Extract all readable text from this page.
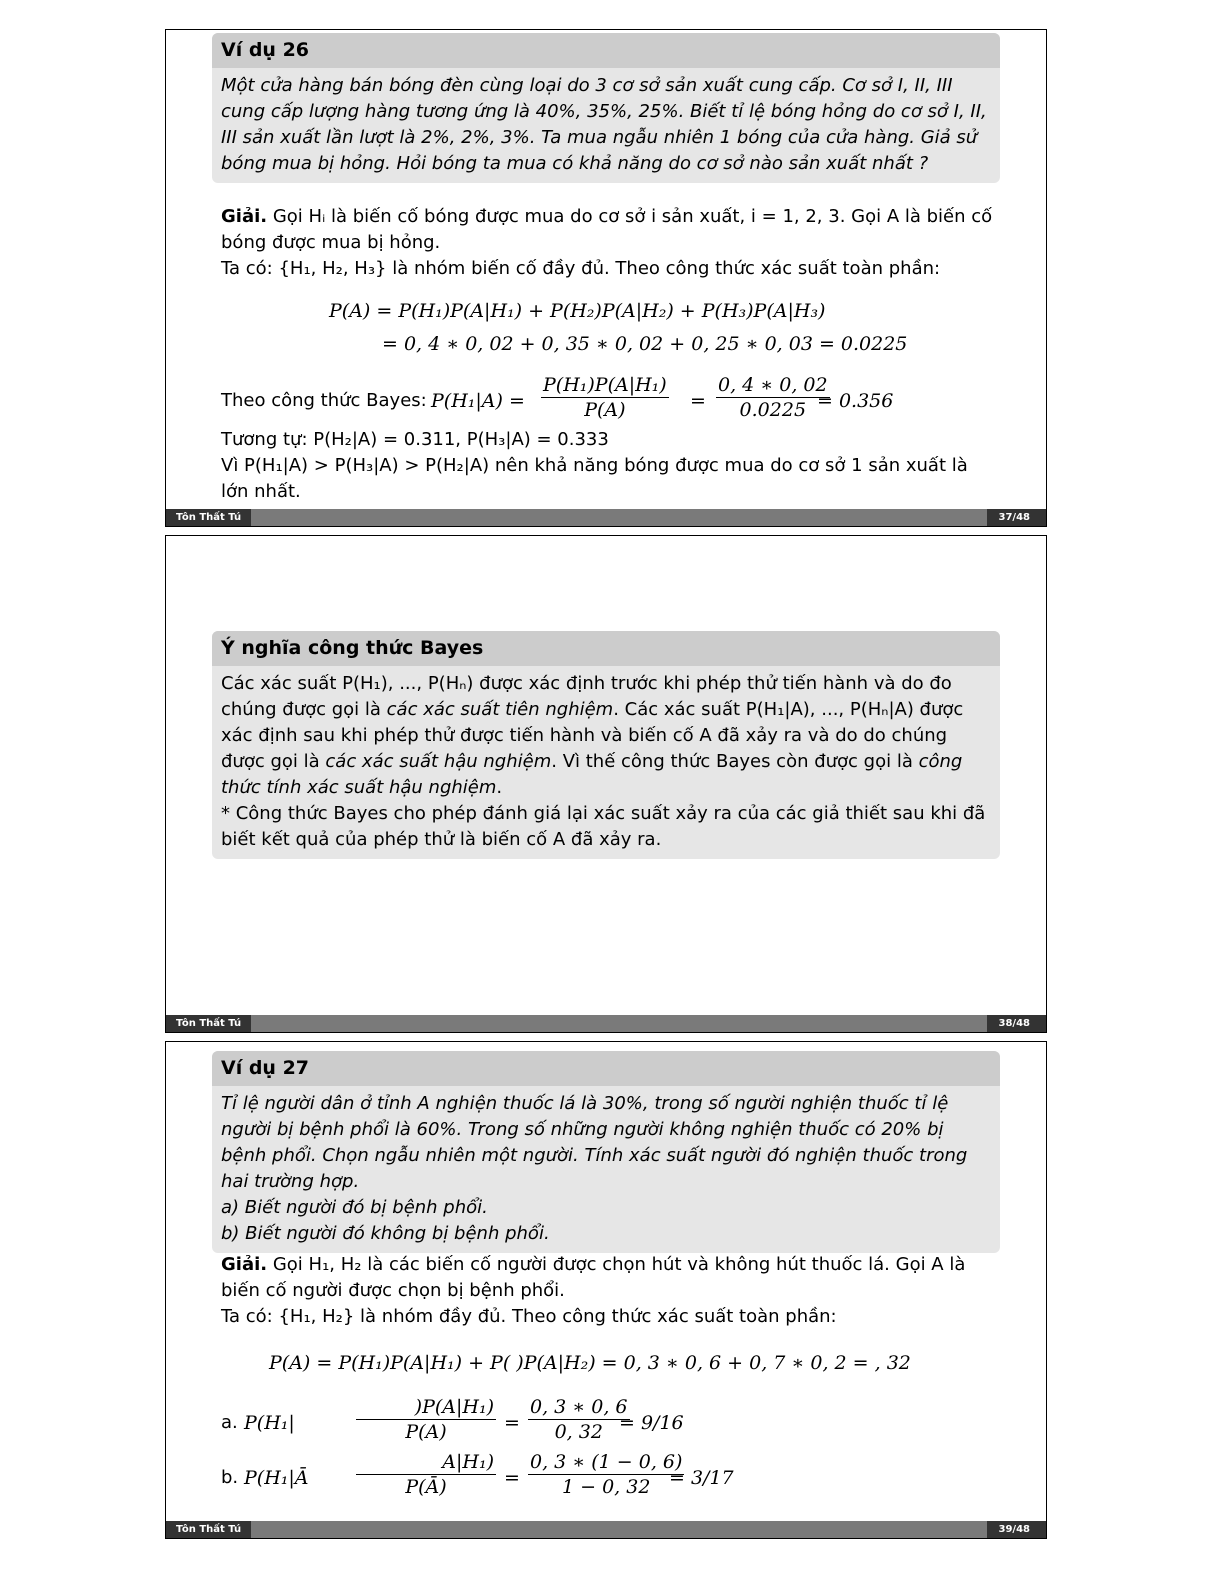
Ví dụ 26
Một cửa hàng bán bóng đèn cùng loại do 3 cơ sở sản xuất cung cấp. Cơ sở I, II, III cung cấp lượng hàng tương ứng là 40%, 35%, 25%. Biết tỉ lệ bóng hỏng do cơ sở I, II, III sản xuất lần lượt là 2%, 2%, 3%. Ta mua ngẫu nhiên 1 bóng của cửa hàng. Giả sử bóng mua bị hỏng. Hỏi bóng ta mua có khả năng do cơ sở nào sản xuất nhất ?
Giải. Gọi Hᵢ là biến cố bóng được mua do cơ sở i sản xuất, i = 1, 2, 3. Gọi A là biến cố bóng được mua bị hỏng.
Ta có: {H₁, H₂, H₃} là nhóm biến cố đầy đủ. Theo công thức xác suất toàn phần:
P(A) = P(H₁)P(A|H₁) + P(H₂)P(A|H₂) + P(H₃)P(A|H₃)
= 0, 4 ∗ 0, 02 + 0, 35 ∗ 0, 02 + 0, 25 ∗ 0, 03 = 0.0225
Theo công thức Bayes: $P(H_1|A) = \frac{\text{P(H₁)P(A|H₁)}}{P(A)} = \frac{0, 4 ∗ 0, 02}{0.0225}$
= 0.356
Tương tự: P(H₂|A) = 0.311, P(H₃|A) = 0.333
Vì P(H₁|A) > P(H₃|A) > P(H₂|A) nên khả năng bóng được mua do cơ sở 1 sản xuất là lớn nhất.
Tôn Thất Tú	37/48
Ý nghĩa công thức Bayes
Các xác suất P(H₁), ..., P(Hₙ) được xác định trước khi phép thử tiến hành và do đo chúng được gọi là các xác suất tiên nghiệm. Các xác suất P(H₁|A), ..., P(Hₙ|A) được xác định sau khi phép thử được tiến hành và biến cố A đã xảy ra và do do chúng được gọi là các xác suất hậu nghiệm. Vì thế công thức Bayes còn được gọi là công thức tính xác suất hậu nghiệm.
* Công thức Bayes cho phép đánh giá lại xác suất xảy ra của các giả thiết sau khi đã biết kết quả của phép thử là biến cố A đã xảy ra.
Tôn Thất Tú	38/48
Ví dụ 27
Tỉ lệ người dân ở tỉnh A nghiện thuốc lá là 30%, trong số người nghiện thuốc tỉ lệ người bị bệnh phổi là 60%. Trong số những người không nghiện thuốc có 20% bị bệnh phổi. Chọn ngẫu nhiên một người. Tính xác suất người đó nghiện thuốc trong hai trường hợp.
a) Biết người đó bị bệnh phổi.
b) Biết người đó không bị bệnh phổi.
Giải. Gọi H₁, H₂ là các biến cố người được chọn hút và không hút thuốc lá. Gọi A là biến cố người được chọn bị bệnh phổi.
Ta có: {H₁, H₂} là nhóm đầy đủ. Theo công thức xác suất toàn phần:
P(A) = P(H₁)P(A|H₁) + P( )P(A|H₂) = 0, 3 ∗ 0, 6 + 0, 7 ∗ 0, 2 = , 32
a. P(H₁|	$\frac{\text{)P(A|H₁)}}{P(A)} = \frac{0, 3 ∗ 0, 6}{0, 32}$
= 9/16
b. P(H₁|Ā $\frac{\text{A|H₁)}}{P(Ā)} = \frac{0, 3 ∗ (1 - 0, 6)}{1 - 0, 32}$
= 3/17
Tôn Thất Tú	39/48
